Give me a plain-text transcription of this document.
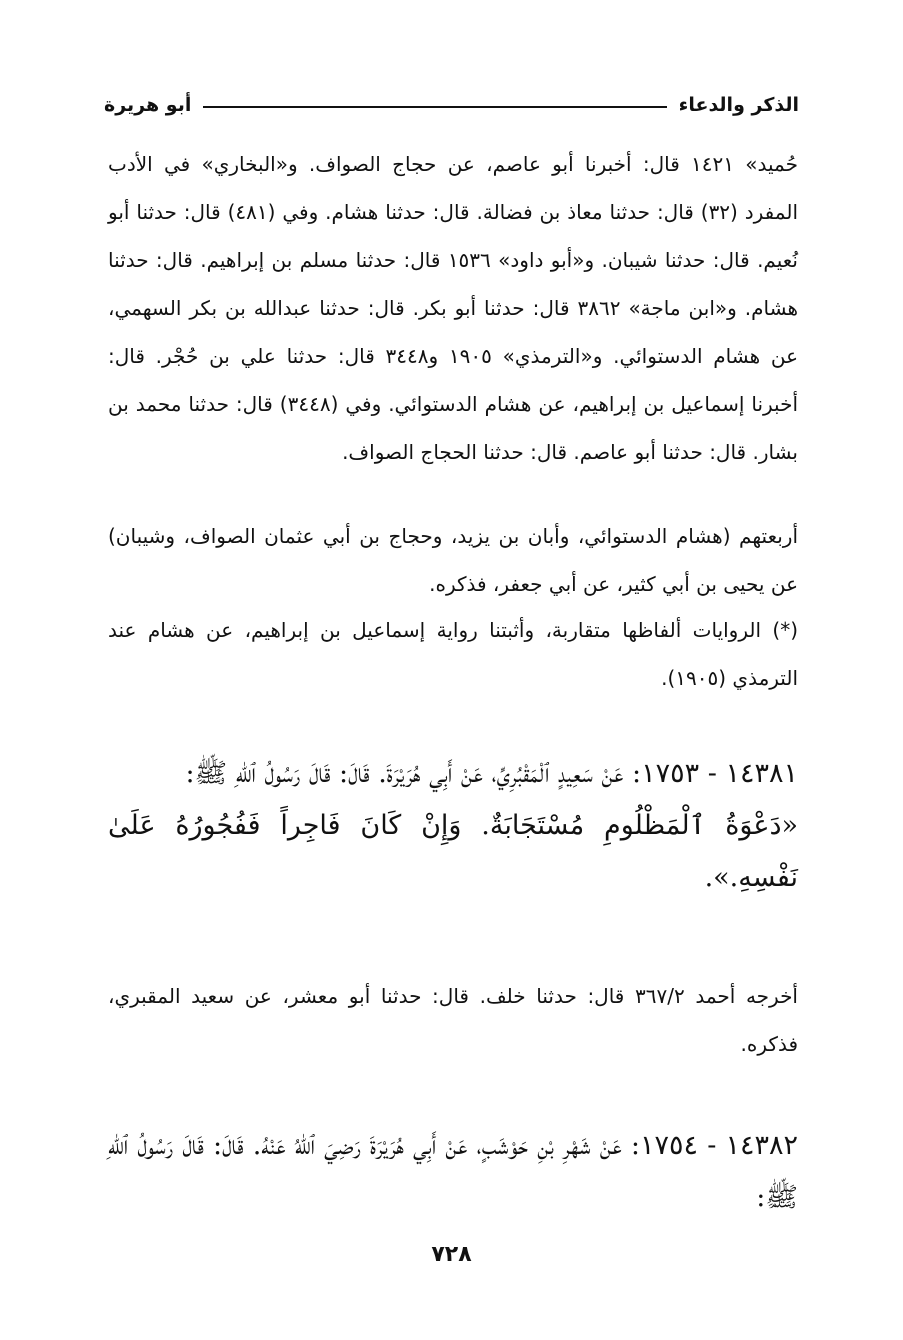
الذكر والدعاء
أبو هريرة

حُميد» ١٤٢١ قال: أخبرنا أبو عاصم، عن حجاج الصواف. و«البخاري» في الأدب المفرد (٣٢) قال: حدثنا معاذ بن فضالة. قال: حدثنا هشام. وفي (٤٨١) قال: حدثنا أبو نُعيم. قال: حدثنا شيبان. و«أبو داود» ١٥٣٦ قال: حدثنا مسلم بن إبراهيم. قال: حدثنا هشام. و«ابن ماجة» ٣٨٦٢ قال: حدثنا أبو بكر. قال: حدثنا عبدالله بن بكر السهمي، عن هشام الدستوائي. و«الترمذي» ١٩٠٥ و٣٤٤٨ قال: حدثنا علي بن حُجْر. قال: أخبرنا إسماعيل بن إبراهيم، عن هشام الدستوائي. وفي (٣٤٤٨) قال: حدثنا محمد بن بشار. قال: حدثنا أبو عاصم. قال: حدثنا الحجاج الصواف.

أربعتهم (هشام الدستوائي، وأبان بن يزيد، وحجاج بن أبي عثمان الصواف، وشيبان) عن يحيى بن أبي كثير، عن أبي جعفر، فذكره.

(*) الروايات ألفاظها متقاربة، وأثبتنا رواية إسماعيل بن إبراهيم، عن هشام عند الترمذي (١٩٠٥).

١٤٣٨١ - ١٧٥٣: عَنْ سَعِيدٍ ٱلْمَقْبُرِيِّ، عَنْ أَبِي هُرَيْرَةَ. قَالَ: قَالَ رَسُولُ ٱللهِ ﷺ:

«دَعْوَةُ ٱلْمَظْلُومِ مُسْتَجَابَةٌ. وَإِنْ كَانَ فَاجِراً فَفُجُورُهُ عَلَىٰ نَفْسِهِ.».

أخرجه أحمد ٣٦٧/٢ قال: حدثنا خلف. قال: حدثنا أبو معشر، عن سعيد المقبري، فذكره.

١٤٣٨٢ - ١٧٥٤: عَنْ شَهْرِ بْنِ حَوْشَبٍ، عَنْ أَبِي هُرَيْرَةَ رَضِيَ ٱللهُ عَنْهُ. قَالَ: قَالَ رَسُولُ ٱللهِ ﷺ:

٧٢٨
